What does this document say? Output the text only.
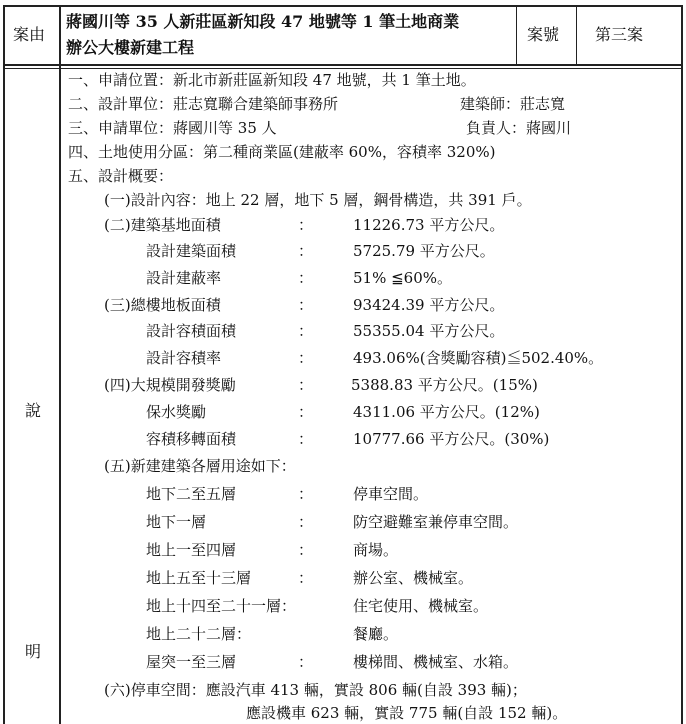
案由
蔣國川等 35 人新莊區新知段 47 地號等 1 筆土地商業
辦公大樓新建工程
案號 第三案
說
明
一、申請位置：新北市新莊區新知段 47 地號，共 1 筆土地。
二、設計單位：莊志寬聯合建築師事務所	建築師：莊志寬
三、申請單位：蔣國川等 35 人	負責人：蔣國川
四、土地使用分區：第二種商業區(建蔽率 60%，容積率 320%)
五、設計概要：
(一)設計內容：地上 22 層，地下 5 層，鋼骨構造，共 391 戶。
(二)建築基地面積	：	11226.73 平方公尺。
設計建築面積	：	5725.79 平方公尺。
設計建蔽率	：	51% ≦60%。
(三)總樓地板面積	：	93424.39 平方公尺。
設計容積面積	：	55355.04 平方公尺。
設計容積率	：	493.06%(含獎勵容積)≦502.40%。
(四)大規模開發獎勵	：	5388.83 平方公尺。(15%)
保水獎勵	：	4311.06 平方公尺。(12%)
容積移轉面積	：	10777.66 平方公尺。(30%)
(五)新建建築各層用途如下：
地下二至五層	：	停車空間。
地下一層	：	防空避難室兼停車空間。
地上一至四層	：	商場。
地上五至十三層	：	辦公室、機械室。
地上十四至二十一層：	住宅使用、機械室。
地上二十二層：	餐廳。
屋突一至三層	：	樓梯間、機械室、水箱。
(六)停車空間：應設汽車 413 輛，實設 806 輛(自設 393 輛)；
應設機車 623 輛，實設 775 輛(自設 152 輛)。
